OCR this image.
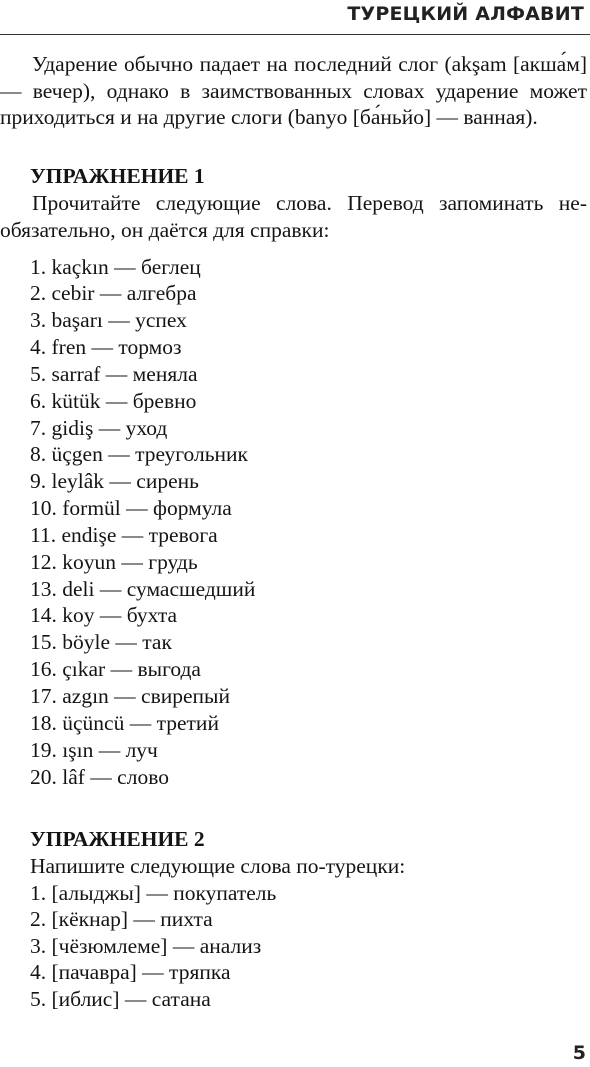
ТУРЕЦКИЙ АЛФАВИТ

Ударение обычно падает на последний слог (akşam [акша́м] — вечер), однако в заимствованных словах ударение может приходиться и на другие слоги (banyo [ба́ньйо] — ванная).

УПРАЖНЕНИЕ 1

Прочитайте следующие слова. Перевод запоминать необязательно, он даётся для справки:

1. kaçkın — беглец
2. cebir — алгебра
3. başarı — успех
4. fren — тормоз
5. sarraf — меняла
6. kütük — бревно
7. gidiş — уход
8. üçgen — треугольник
9. leylâk — сирень
10. formül — формула
11. endişe — тревога
12. koyun — грудь
13. deli — сумасшедший
14. koy — бухта
15. böyle — так
16. çıkar — выгода
17. azgın — свирепый
18. üçüncü — третий
19. ışın — луч
20. lâf — слово
УПРАЖНЕНИЕ 2
Напишите следующие слова по-турецки:
1. [алыджы] — покупатель
2. [кёкнар] — пихта
3. [чёзюмлеме] — анализ
4. [пачавра] — тряпка
5. [иблис] — сатана
5
